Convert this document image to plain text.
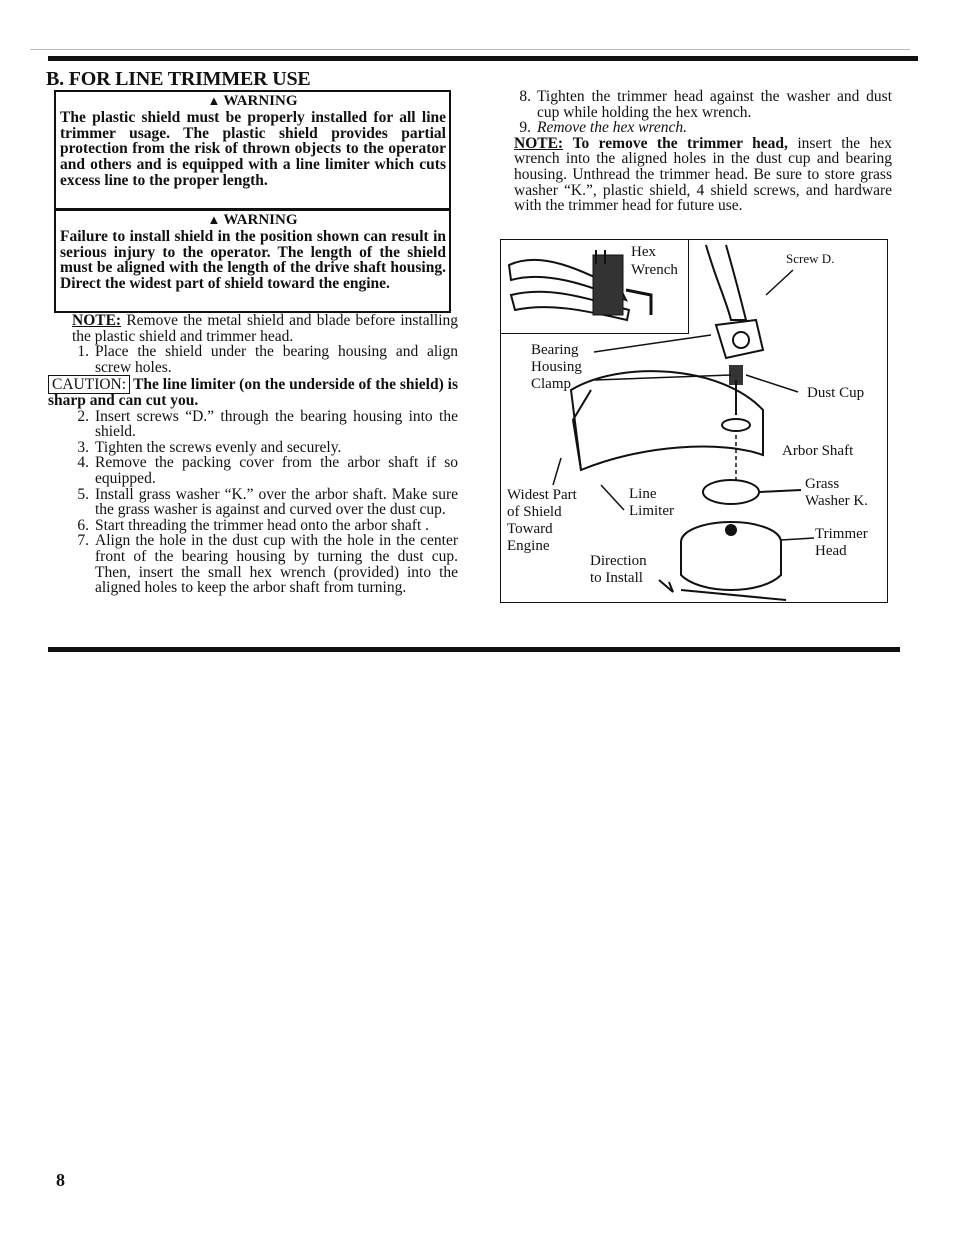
B. FOR LINE TRIMMER USE
▲ WARNING
The plastic shield must be properly installed for all line trimmer usage. The plastic shield provides partial protection from the risk of thrown objects to the operator and others and is equipped with a line limiter which cuts excess line to the proper length.
▲ WARNING
Failure to install shield in the position shown can result in serious injury to the operator. The length of the shield must be aligned with the length of the drive shaft housing. Direct the widest part of shield toward the engine.

NOTE: Remove the metal shield and blade before installing the plastic shield and trimmer head.

1. Place the shield under the bearing housing and align screw holes.

CAUTION: The line limiter (on the underside of the shield) is sharp and can cut you.

2. Insert screws “D.” through the bearing housing into the shield.
3. Tighten the screws evenly and securely.
4. Remove the packing cover from the arbor shaft if so equipped.
5. Install grass washer “K.” over the arbor shaft. Make sure the grass washer is against and curved over the dust cup.
6. Start threading the trimmer head onto the arbor shaft .
7. Align the hole in the dust cup with the hole in the center front of the bearing housing by turning the dust cup. Then, insert the small hex wrench (provided) into the aligned holes to keep the arbor shaft from turning.
8. Tighten the trimmer head against the washer and dust cup while holding the hex wrench.
9. Remove the hex wrench.

NOTE: To remove the trimmer head, insert the hex wrench into the aligned holes in the dust cup and bearing housing. Unthread the trimmer head. Be sure to store grass washer “K.”, plastic shield, 4 shield screws, and hardware with the trimmer head for future use.

Hex
Wrench
Screw D.
Bearing
Housing
Clamp
Dust Cup
Arbor Shaft
Widest Part
of Shield
Toward
Engine
Line
Limiter
Grass
Washer K.
Trimmer
Head
Direction
to Install
8
